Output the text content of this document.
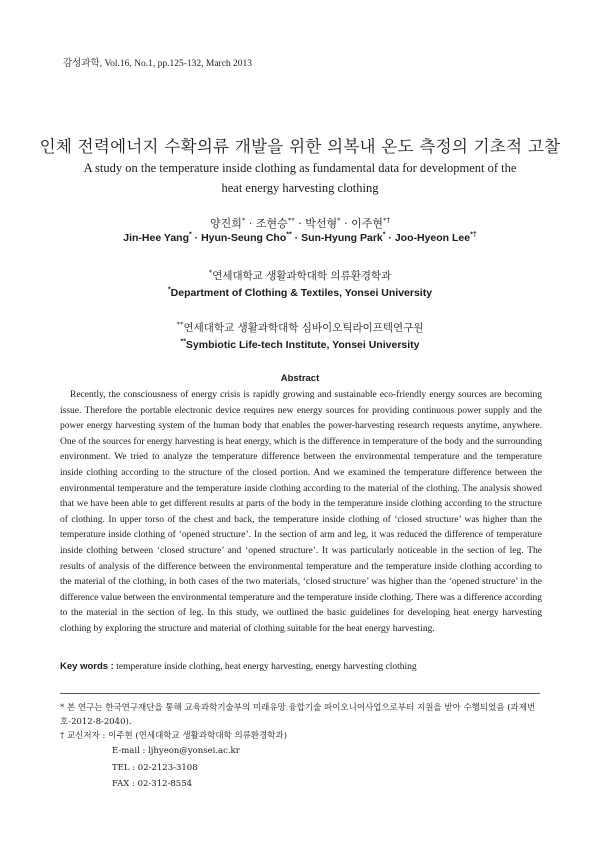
감성과학, Vol.16, No.1, pp.125-132, March 2013
인체 전력에너지 수확의류 개발을 위한 의복내 온도 측정의 기초적 고찰
A study on the temperature inside clothing as fundamental data for development of the heat energy harvesting clothing
양진희* · 조현승** · 박선형* · 이주현*†
Jin-Hee Yang* · Hyun-Seung Cho** · Sun-Hyung Park* · Joo-Hyeon Lee*†
*연세대학교 생활과학대학 의류환경학과
*Department of Clothing & Textiles, Yonsei University
**연세대학교 생활과학대학 심바이오틱라이프텍연구원
**Symbiotic Life-tech Institute, Yonsei University
Abstract
Recently, the consciousness of energy crisis is rapidly growing and sustainable eco-friendly energy sources are becoming issue. Therefore the portable electronic device requires new energy sources for providing continuous power supply and the power energy harvesting system of the human body that enables the power-harvesting research requests anytime, anywhere. One of the sources for energy harvesting is heat energy, which is the difference in temperature of the body and the surrounding environment. We tried to analyze the temperature difference between the environmental temperature and the temperature inside clothing according to the structure of the closed portion. And we examined the temperature difference between the environmental temperature and the temperature inside clothing according to the material of the clothing. The analysis showed that we have been able to get different results at parts of the body in the temperature inside clothing according to the structure of clothing. In upper torso of the chest and back, the temperature inside clothing of ‘closed structure’ was higher than the temperature inside clothing of ‘opened structure’. In the section of arm and leg, it was reduced the difference of temperature inside clothing between ‘closed structure’ and ‘opened structure’. It was particularly noticeable in the section of leg. The results of analysis of the difference between the environmental temperature and the temperature inside clothing according to the material of the clothing, in both cases of the two materials, ‘closed structure’ was higher than the ‘opened structure’ in the difference value between the environmental temperature and the temperature inside clothing. There was a difference according to the material in the section of leg. In this study, we outlined the basic guidelines for developing heat energy harvesting clothing by exploring the structure and material of clothing suitable for the heat energy harvesting.
Key words : temperature inside clothing, heat energy harvesting, energy harvesting clothing
* 본 연구는 한국연구재단을 통해 교육과학기술부의 미래유망 융합기술 파이오니어사업으로부터 지원을 받아 수행되었음 (과제번호-2012-8-2040).
† 교신저자 : 이주현 (연세대학교 생활과학대학 의류환경학과)
E-mail : ljhyeon@yonsei.ac.kr
TEL : 02-2123-3108
FAX : 02-312-8554
